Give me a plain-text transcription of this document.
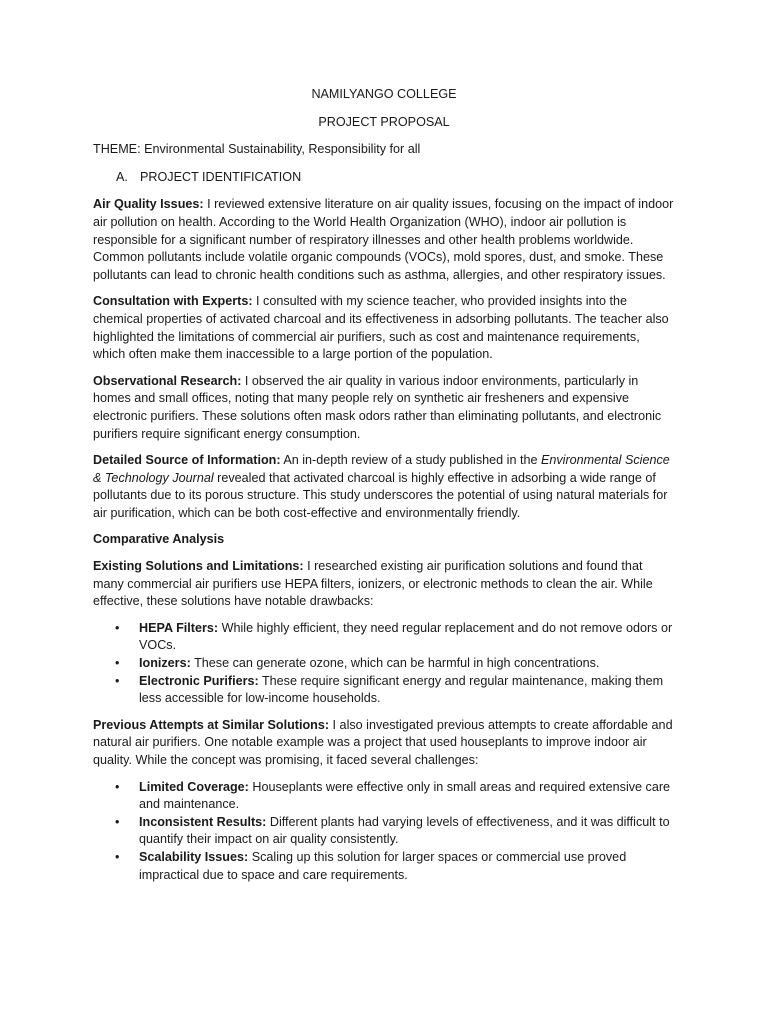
NAMILYANGO COLLEGE
PROJECT PROPOSAL
THEME: Environmental Sustainability, Responsibility for all
A. PROJECT IDENTIFICATION

Air Quality Issues: I reviewed extensive literature on air quality issues, focusing on the impact of indoor air pollution on health. According to the World Health Organization (WHO), indoor air pollution is responsible for a significant number of respiratory illnesses and other health problems worldwide. Common pollutants include volatile organic compounds (VOCs), mold spores, dust, and smoke. These pollutants can lead to chronic health conditions such as asthma, allergies, and other respiratory issues.

Consultation with Experts: I consulted with my science teacher, who provided insights into the chemical properties of activated charcoal and its effectiveness in adsorbing pollutants. The teacher also highlighted the limitations of commercial air purifiers, such as cost and maintenance requirements, which often make them inaccessible to a large portion of the population.

Observational Research: I observed the air quality in various indoor environments, particularly in homes and small offices, noting that many people rely on synthetic air fresheners and expensive electronic purifiers. These solutions often mask odors rather than eliminating pollutants, and electronic purifiers require significant energy consumption.

Detailed Source of Information: An in-depth review of a study published in the Environmental Science & Technology Journal revealed that activated charcoal is highly effective in adsorbing a wide range of pollutants due to its porous structure. This study underscores the potential of using natural materials for air purification, which can be both cost-effective and environmentally friendly.

Comparative Analysis

Existing Solutions and Limitations: I researched existing air purification solutions and found that many commercial air purifiers use HEPA filters, ionizers, or electronic methods to clean the air. While effective, these solutions have notable drawbacks:

• HEPA Filters: While highly efficient, they need regular replacement and do not remove odors or VOCs.
• Ionizers: These can generate ozone, which can be harmful in high concentrations.
• Electronic Purifiers: These require significant energy and regular maintenance, making them less accessible for low-income households.

Previous Attempts at Similar Solutions: I also investigated previous attempts to create affordable and natural air purifiers. One notable example was a project that used houseplants to improve indoor air quality. While the concept was promising, it faced several challenges:

• Limited Coverage: Houseplants were effective only in small areas and required extensive care and maintenance.
• Inconsistent Results: Different plants had varying levels of effectiveness, and it was difficult to quantify their impact on air quality consistently.
• Scalability Issues: Scaling up this solution for larger spaces or commercial use proved impractical due to space and care requirements.
